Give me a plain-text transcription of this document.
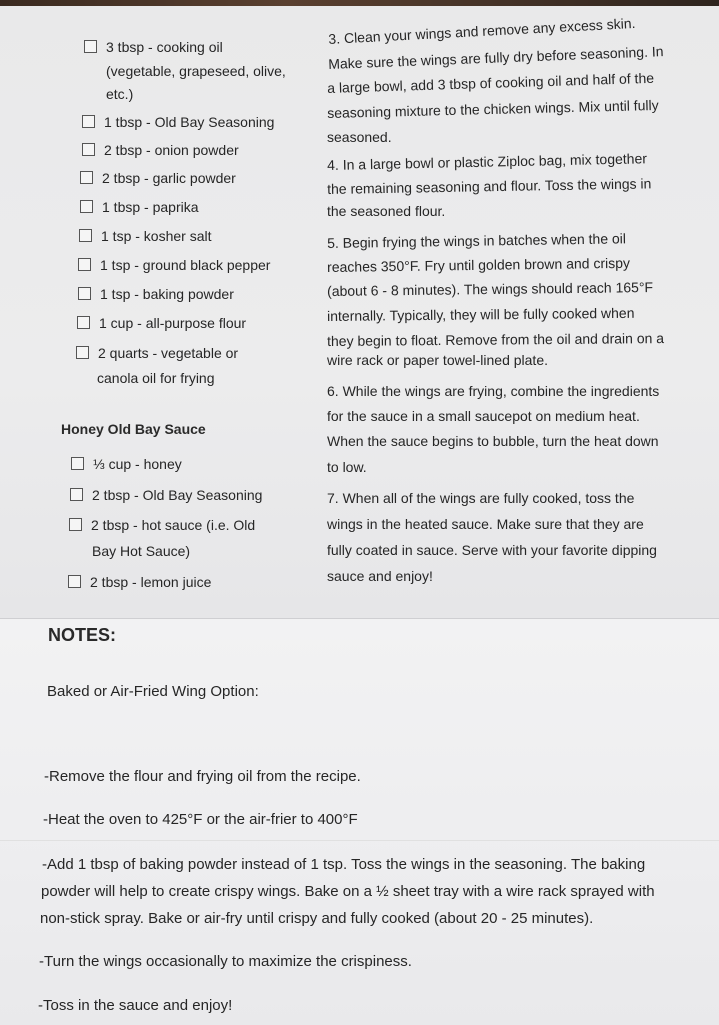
3 tbsp - cooking oil
(vegetable, grapeseed, olive,
etc.)
1 tbsp - Old Bay Seasoning
2 tbsp - onion powder
2 tbsp - garlic powder
1 tbsp - paprika
1 tsp - kosher salt
1 tsp - ground black pepper
1 tsp - baking powder
1 cup - all-purpose flour
2 quarts - vegetable or
canola oil for frying
Honey Old Bay Sauce
⅓ cup - honey
2 tbsp - Old Bay Seasoning
2 tbsp - hot sauce (i.e. Old
Bay Hot Sauce)
2 tbsp - lemon juice
3. Clean your wings and remove any excess skin.
Make sure the wings are fully dry before seasoning. In
a large bowl, add 3 tbsp of cooking oil and half of the
seasoning mixture to the chicken wings. Mix until fully
seasoned.
4. In a large bowl or plastic Ziploc bag, mix together
the remaining seasoning and flour. Toss the wings in
the seasoned flour.
5. Begin frying the wings in batches when the oil
reaches 350°F. Fry until golden brown and crispy
(about 6 - 8 minutes). The wings should reach 165°F
internally. Typically, they will be fully cooked when
they begin to float. Remove from the oil and drain on a
wire rack or paper towel-lined plate.
6. While the wings are frying, combine the ingredients
for the sauce in a small saucepot on medium heat.
When the sauce begins to bubble, turn the heat down
to low.
7. When all of the wings are fully cooked, toss the
wings in the heated sauce. Make sure that they are
fully coated in sauce. Serve with your favorite dipping
sauce and enjoy!
NOTES:
Baked or Air-Fried Wing Option:
-Remove the flour and frying oil from the recipe.
-Heat the oven to 425°F or the air-frier to 400°F
-Add 1 tbsp of baking powder instead of 1 tsp. Toss the wings in the seasoning. The baking
powder will help to create crispy wings. Bake on a ½ sheet tray with a wire rack sprayed with
non-stick spray. Bake or air-fry until crispy and fully cooked (about 20 - 25 minutes).
-Turn the wings occasionally to maximize the crispiness.
-Toss in the sauce and enjoy!
